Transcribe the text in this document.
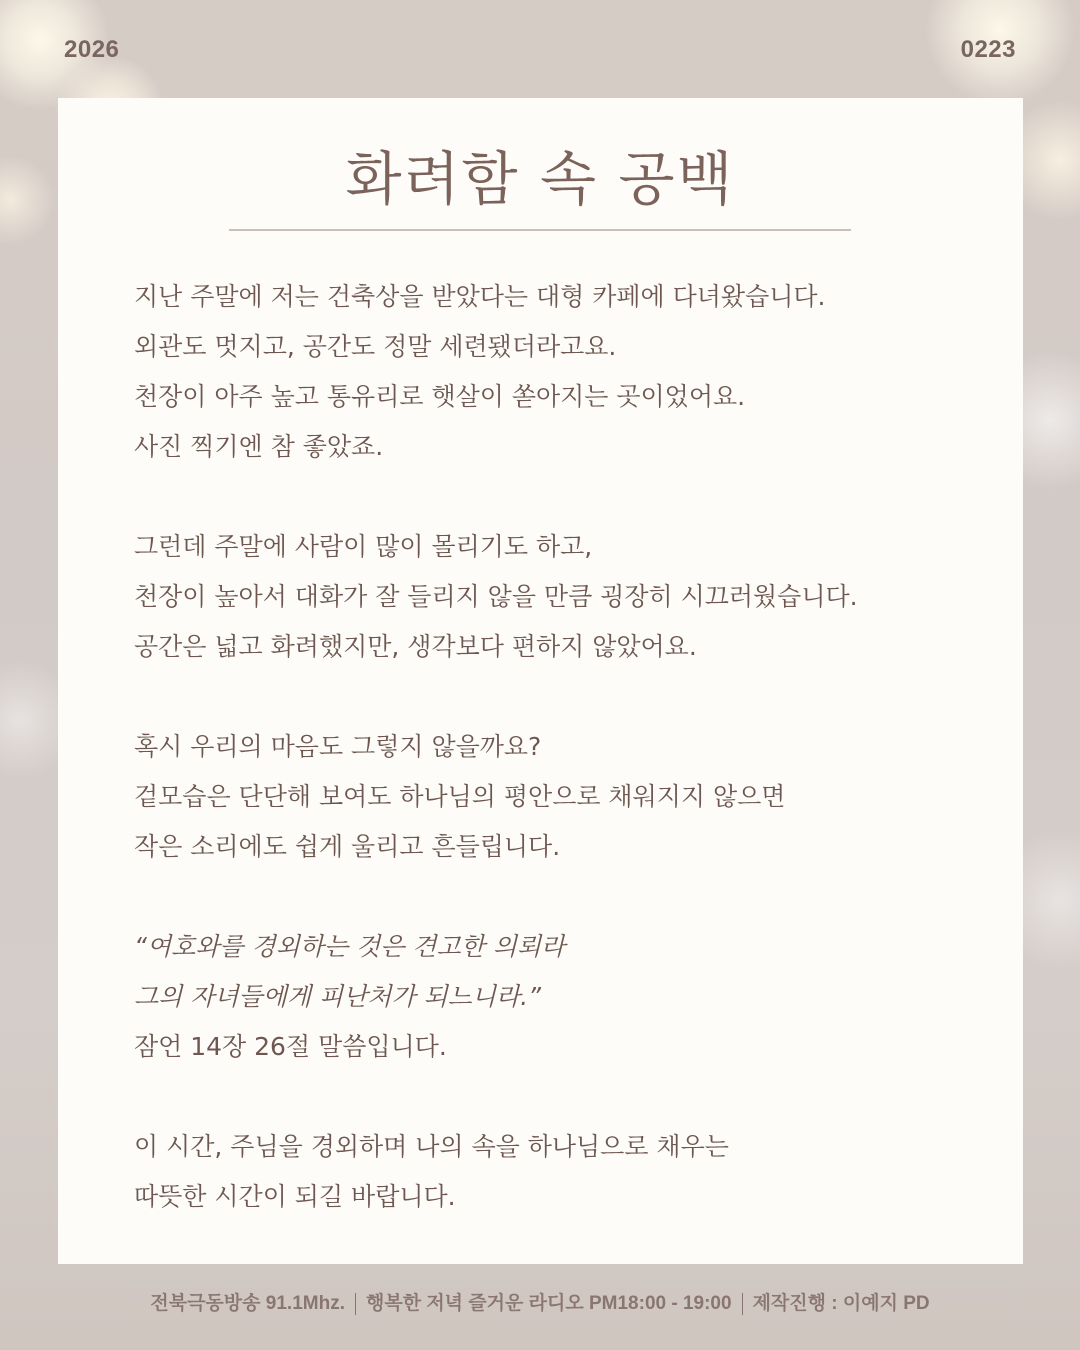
2026	0223
화려함 속 공백
지난 주말에 저는 건축상을 받았다는 대형 카페에 다녀왔습니다.
외관도 멋지고, 공간도 정말 세련됐더라고요.
천장이 아주 높고 통유리로 햇살이 쏟아지는 곳이었어요.
사진 찍기엔 참 좋았죠.
그런데 주말에 사람이 많이 몰리기도 하고,
천장이 높아서 대화가 잘 들리지 않을 만큼 굉장히 시끄러웠습니다.
공간은 넓고 화려했지만, 생각보다 편하지 않았어요.
혹시 우리의 마음도 그렇지 않을까요?
겉모습은 단단해 보여도 하나님의 평안으로 채워지지 않으면
작은 소리에도 쉽게 울리고 흔들립니다.
“여호와를 경외하는 것은 견고한 의뢰라
그의 자녀들에게 피난처가 되느니라.”
잠언 14장 26절 말씀입니다.
이 시간, 주님을 경외하며 나의 속을 하나님으로 채우는
따뜻한 시간이 되길 바랍니다.
전북극동방송 91.1Mhz. 행복한 저녁 즐거운 라디오 PM18:00 - 19:00 제작진행 : 이예지 PD
